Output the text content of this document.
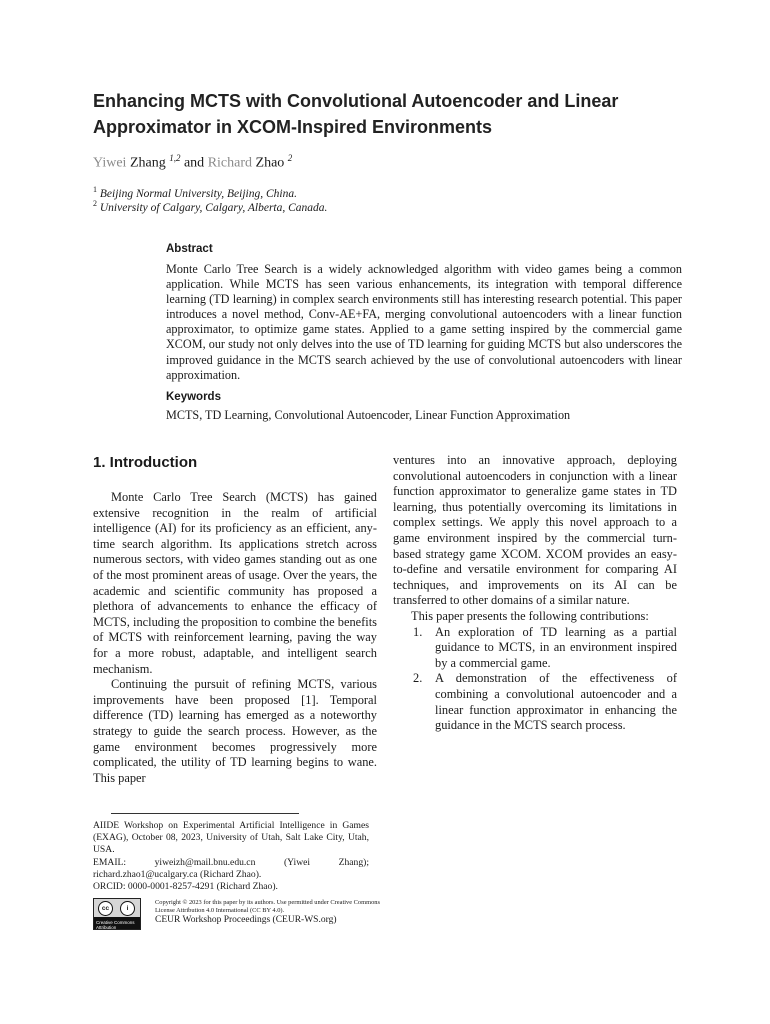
Enhancing MCTS with Convolutional Autoencoder and Linear Approximator in XCOM-Inspired Environments
Yiwei Zhang $^{1,2}$ and Richard Zhao $^2$
$^1$ Beijing Normal University, Beijing, China.
$^2$ University of Calgary, Calgary, Alberta, Canada.
Abstract
Monte Carlo Tree Search is a widely acknowledged algorithm with video games being a common application. While MCTS has seen various enhancements, its integration with temporal difference learning (TD learning) in complex search environments still has interesting research potential. This paper introduces a novel method, Conv-AE+FA, merging convolutional autoencoders with a linear function approximator, to optimize game states. Applied to a game setting inspired by the commercial game XCOM, our study not only delves into the use of TD learning for guiding MCTS but also underscores the improved guidance in the MCTS search achieved by the use of convolutional autoencoders with linear approximation.
Keywords
MCTS, TD Learning, Convolutional Autoencoder, Linear Function Approximation
1. Introduction

Monte Carlo Tree Search (MCTS) has gained extensive recognition in the realm of artificial intelligence (AI) for its proficiency as an efficient, any-time search algorithm. Its applications stretch across numerous sectors, with video games standing out as one of the most prominent areas of usage. Over the years, the academic and scientific community has proposed a plethora of advancements to enhance the efficacy of MCTS, including the proposition to combine the benefits of MCTS with reinforcement learning, paving the way for a more robust, adaptable, and intelligent search mechanism.

Continuing the pursuit of refining MCTS, various improvements have been proposed [1]. Temporal difference (TD) learning has emerged as a noteworthy strategy to guide the search process. However, as the game environment becomes progressively more complicated, the utility of TD learning begins to wane. This paper

ventures into an innovative approach, deploying convolutional autoencoders in conjunction with a linear function approximator to generalize game states in TD learning, thus potentially overcoming its limitations in complex settings. We apply this novel approach to a game environment inspired by the commercial turn-based strategy game XCOM. XCOM provides an easy-to-define and versatile environment for comparing AI techniques, and improvements on its AI can be transferred to other domains of a similar nature.

This paper presents the following contributions:

1. An exploration of TD learning as a partial guidance to MCTS, in an environment inspired by a commercial game.
2. A demonstration of the effectiveness of combining a convolutional autoencoder and a linear function approximator in enhancing the guidance in the MCTS search process.
AIIDE Workshop on Experimental Artificial Intelligence in Games (EXAG), October 08, 2023, University of Utah, Salt Lake City, Utah, USA.
EMAIL: yiweizh@mail.bnu.edu.cn (Yiwei Zhang); richard.zhao1@ucalgary.ca (Richard Zhao).
ORCID: 0000-0001-8257-4291 (Richard Zhao).
cc	i
Creative Commons Attribution
Copyright © 2023 for this paper by its authors. Use permitted under Creative Commons License Attribution 4.0 International (CC BY 4.0).
CEUR Workshop Proceedings (CEUR-WS.org)
